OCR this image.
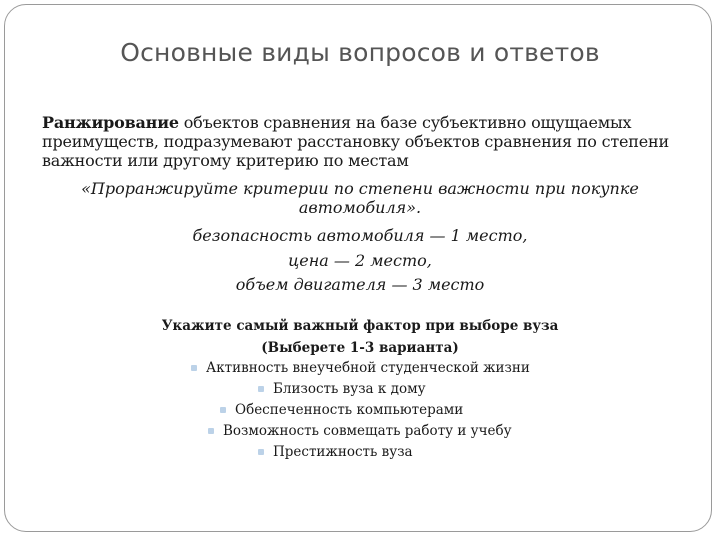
Основные виды вопросов и ответов
Ранжирование объектов сравнения на базе субъективно ощущаемых преимуществ, подразумевают расстановку объектов сравнения по степени важности или другому критерию по местам
«Проранжируйте критерии по степени важности при покупке автомобиля».
безопасность автомобиля — 1 место,
цена — 2 место,
объем двигателя — 3 место
Укажите самый важный фактор при выборе вуза
(Выберете 1-3 варианта)
Активность внеучебной студенческой жизни
Близость вуза к дому
Обеспеченность компьютерами
Возможность совмещать работу и учебу
Престижность вуза
